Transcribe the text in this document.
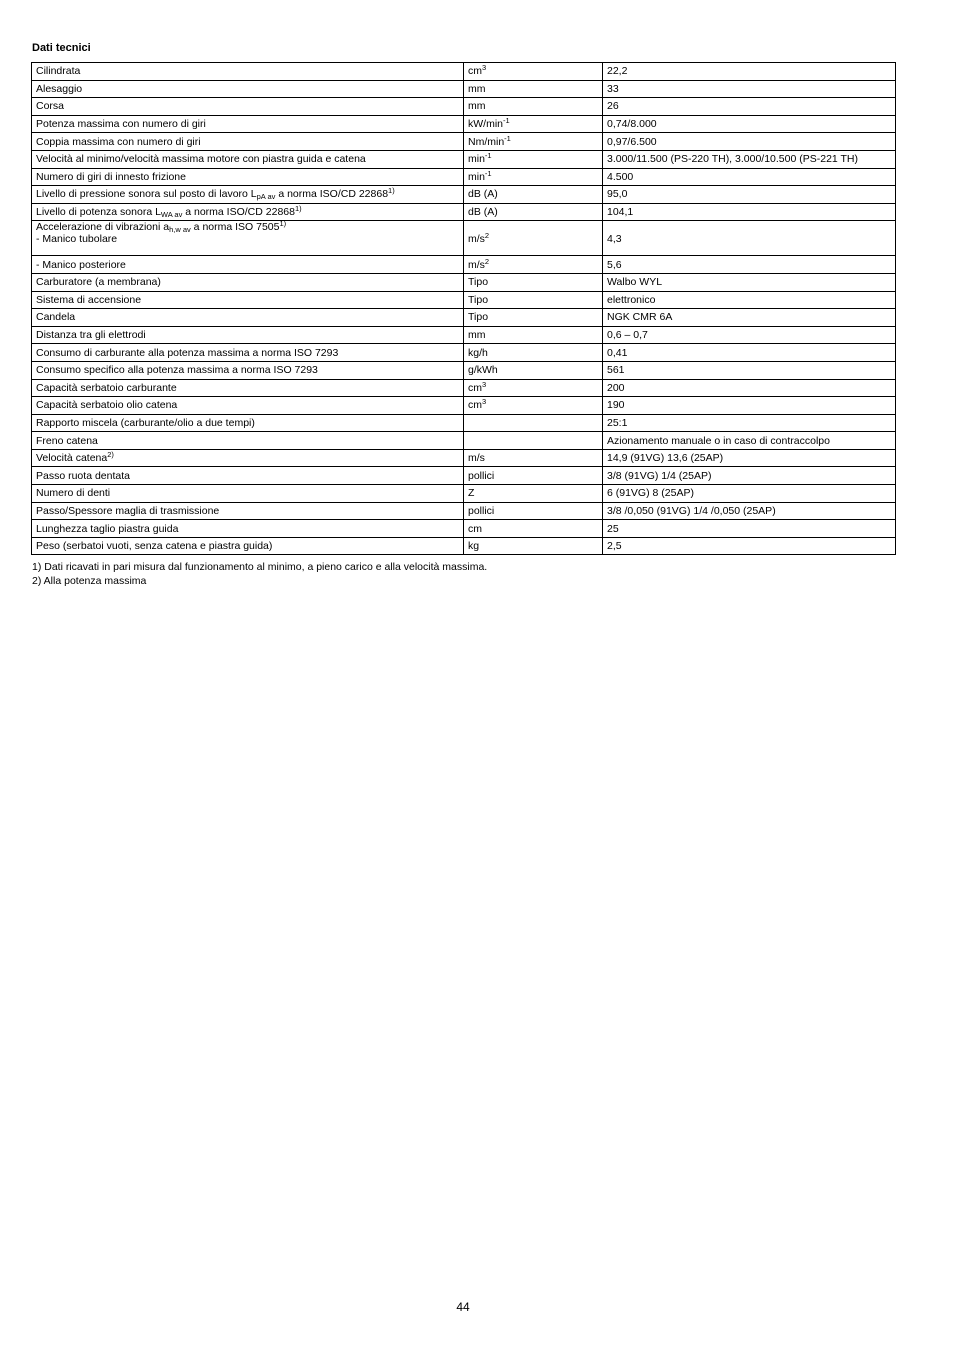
Dati tecnici
Cilindrata	$cm^3$	22,2
Alesaggio	mm	33
Corsa	mm	26
Potenza massima con numero di giri	$kW/\min^{-1}$	0,74/8.000
Coppia massima con numero di giri	$Nm/\min^{-1}$	0,97/6.500
Velocità al minimo/velocità massima motore con piastra guida e catena	$\min^{-1}$	3.000/11.500 (PS-220 TH), 3.000/10.500 (PS-221 TH)
Numero di giri di innesto frizione	$\min^{-1}$	4.500
Livello di pressione sonora sul posto di lavoro $L_{pA av}$ a norma ISO/CD 22868$^{1)}$	dB (A)	95,0
Livello di potenza sonora $L_{WA av}$ a norma ISO/CD 22868$^{1)}$	dB (A)	104,1

Accelerazione di vibrazioni $a_{h,w av}$ a norma ISO 7505$^{1)}$
- Manico tubolare	$m/s^2$	4,3
- Manico posteriore	$m/s^2$	5,6
Carburatore (a membrana)	Tipo	Walbo WYL
Sistema di accensione	Tipo	elettronico
Candela	Tipo	NGK CMR 6A
Distanza tra gli elettrodi	mm	0,6 – 0,7
Consumo di carburante alla potenza massima a norma ISO 7293	kg/h	0,41
Consumo specifico alla potenza massima a norma ISO 7293	g/kWh	561
Capacità serbatoio carburante	$cm^3$	200
Capacità serbatoio olio catena	$cm^3$	190
Rapporto miscela (carburante/olio a due tempi)		25:1
Freno catena		Azionamento manuale o in caso di contraccolpo
Velocità catena$^{2)}$	m/s	14,9 (91VG) 13,6 (25AP)
Passo ruota dentata	pollici	3/8 (91VG) 1/4 (25AP)
Numero di denti	Z	6 (91VG) 8 (25AP)
Passo/Spessore maglia di trasmissione	pollici	3/8 /0,050 (91VG) 1/4 /0,050 (25AP)
Lunghezza taglio piastra guida	cm	25
Peso (serbatoi vuoti, senza catena e piastra guida)	kg	2,5
1) Dati ricavati in pari misura dal funzionamento al minimo, a pieno carico e alla velocità massima.
2) Alla potenza massima
44
